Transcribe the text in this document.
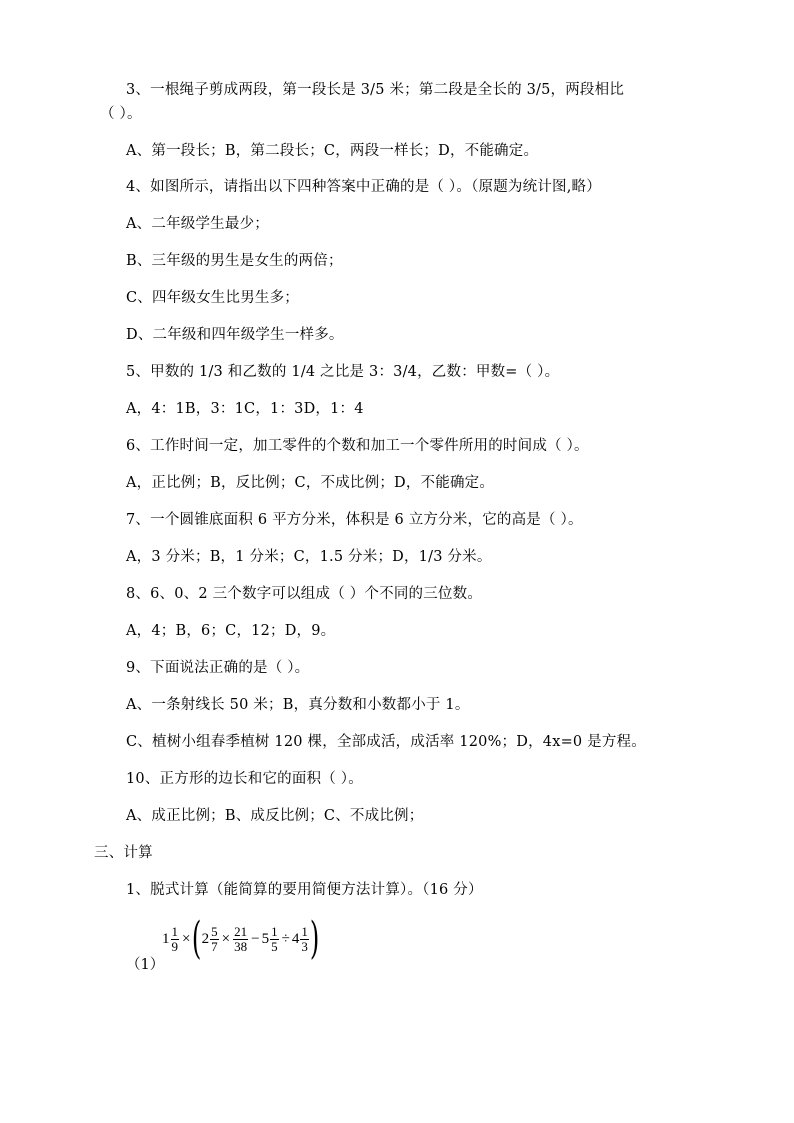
3、一根绳子剪成两段，第一段长是 3/5 米；第二段是全长的 3/5，两段相比
（ ）。
A、第一段长；B，第二段长；C，两段一样长；D，不能确定。
4、如图所示，请指出以下四种答案中正确的是（ ）。（原题为统计图,略）
A、二年级学生最少；
B、三年级的男生是女生的两倍；
C、四年级女生比男生多；
D、二年级和四年级学生一样多。
5、甲数的 1/3 和乙数的 1/4 之比是 3：3/4，乙数：甲数=（ ）。
A，4：1B，3：1C，1：3D，1：4
6、工作时间一定，加工零件的个数和加工一个零件所用的时间成（ ）。
A，正比例；B，反比例；C，不成比例；D，不能确定。
7、一个圆锥底面积 6 平方分米，体积是 6 立方分米，它的高是（ ）。
A，3 分米；B，1 分米；C，1.5 分米；D，1/3 分米。
8、6、0、2 三个数字可以组成（ ）个不同的三位数。
A，4；B，6；C，12；D，9。
9、下面说法正确的是（ ）。
A、一条射线长 50 米；B，真分数和小数都小于 1。
C、植树小组春季植树 120 棵，全部成活，成活率 120%；D，4x=0 是方程。
10、正方形的边长和它的面积（ ）。
A、成正比例；B、成反比例；C、不成比例；
三、计算
1、脱式计算（能简算的要用简便方法计算）。（16 分）
$1 \frac{1}{9}$ × ( $2 \frac{5}{7} \times \frac{21}{38} - 5 \frac{1}{5} \div 4 \frac{1}{3}$ )
（1）
